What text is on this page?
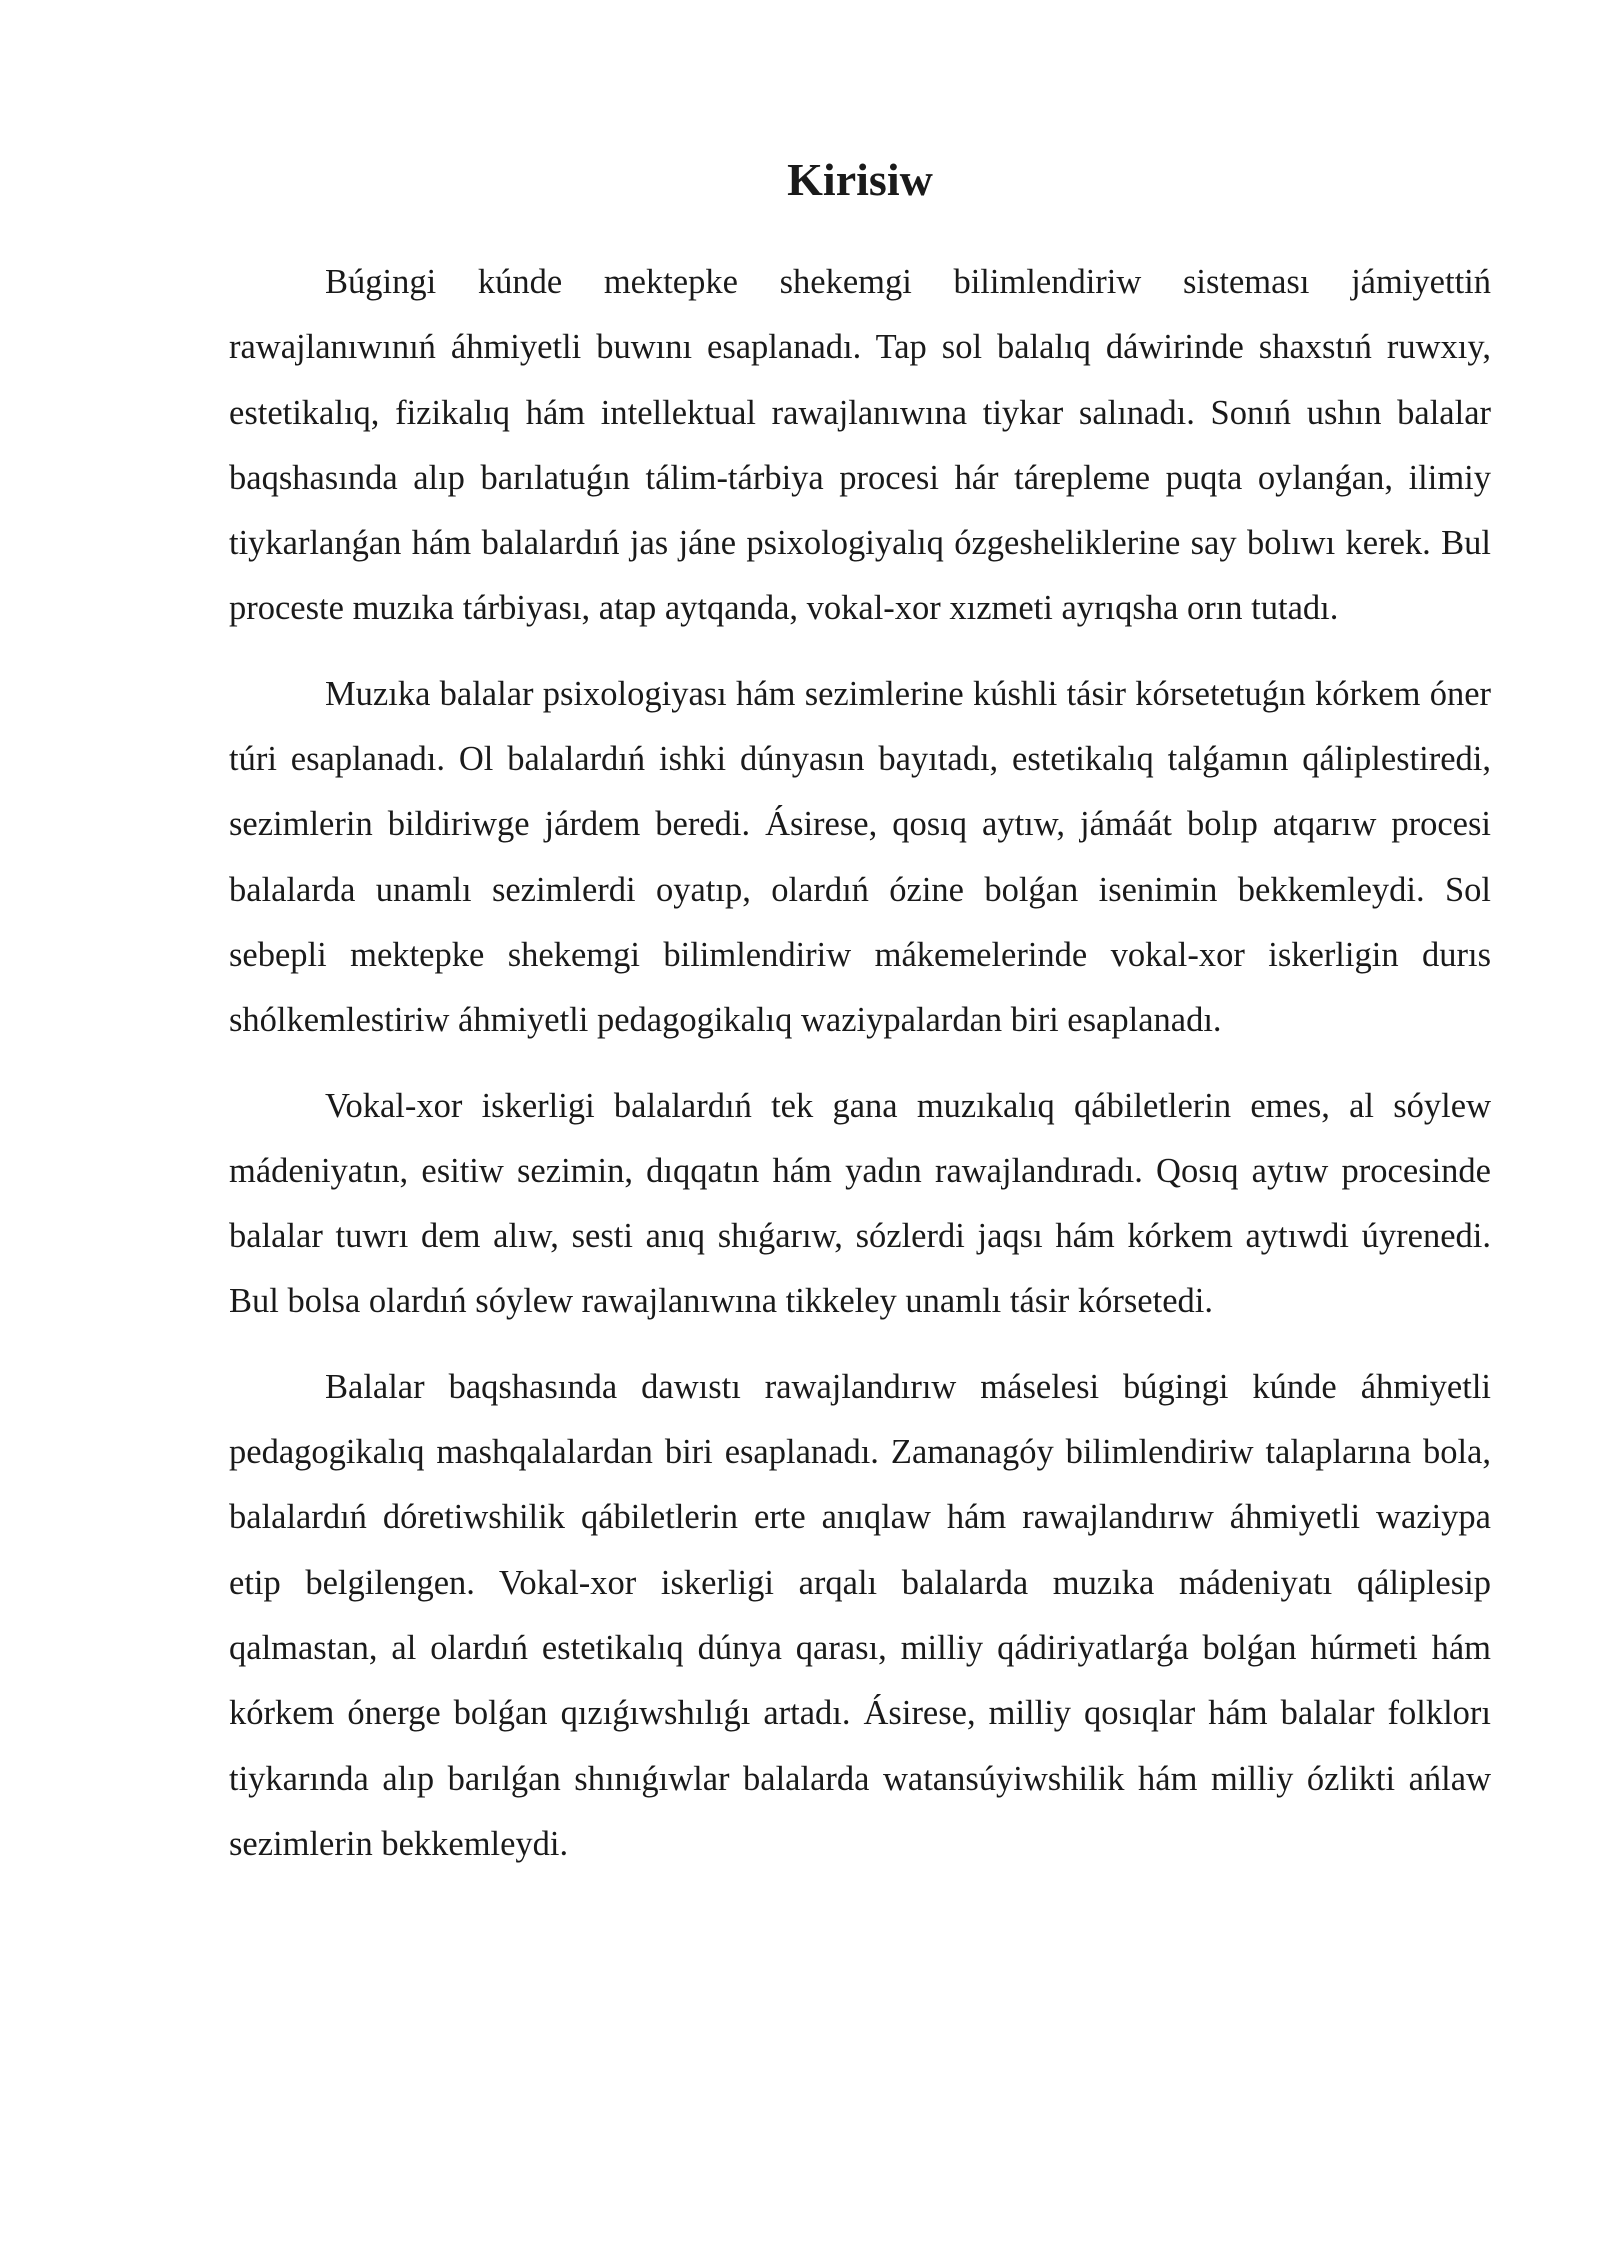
Kirisiw

Búgingi kúnde mektepke shekemgi bilimlendiriw sisteması jámiyettiń rawajlanıwınıń áhmiyetli buwını esaplanadı. Tap sol balalıq dáwirinde shaxstıń ruwxıy, estetikalıq, fizikalıq hám intellektual rawajlanıwına tiykar salınadı. Sonıń ushın balalar baqshasında alıp barılatuǵın tálim-tárbiya procesi hár tárepleme puqta oylanǵan, ilimiy tiykarlanǵan hám balalardıń jas jáne psixologiyalıq ózgesheliklerine say bolıwı kerek. Bul proceste muzıka tárbiyası, atap aytqanda, vokal-xor xızmeti ayrıqsha orın tutadı.

Muzıka balalar psixologiyası hám sezimlerine kúshli tásir kórsetetuǵın kórkem óner túri esaplanadı. Ol balalardıń ishki dúnyasın bayıtadı, estetikalıq talǵamın qáliplestiredi, sezimlerin bildiriwge járdem beredi. Ásirese, qosıq aytıw, jámáát bolıp atqarıw procesi balalarda unamlı sezimlerdi oyatıp, olardıń ózine bolǵan isenimin bekkemleydi. Sol sebepli mektepke shekemgi bilimlendiriw mákemelerinde vokal-xor iskerligin durıs shólkemlestiriw áhmiyetli pedagogikalıq waziypalardan biri esaplanadı.

Vokal-xor iskerligi balalardıń tek gana muzıkalıq qábiletlerin emes, al sóylew mádeniyatın, esitiw sezimin, dıqqatın hám yadın rawajlandıradı. Qosıq aytıw procesinde balalar tuwrı dem alıw, sesti anıq shıǵarıw, sózlerdi jaqsı hám kórkem aytıwdi úyrenedi. Bul bolsa olardıń sóylew rawajlanıwına tikkeley unamlı tásir kórsetedi.

Balalar baqshasında dawıstı rawajlandırıw máselesi búgingi kúnde áhmiyetli pedagogikalıq mashqalalardan biri esaplanadı. Zamanagóy bilimlendiriw talaplarına bola, balalardıń dóretiwshilik qábiletlerin erte anıqlaw hám rawajlandırıw áhmiyetli waziypa etip belgilengen. Vokal-xor iskerligi arqalı balalarda muzıka mádeniyatı qáliplesip qalmastan, al olardıń estetikalıq dúnya qarası, milliy qádiriyatlarǵa bolǵan húrmeti hám kórkem ónerge bolǵan qızıǵıwshılıǵı artadı. Ásirese, milliy qosıqlar hám balalar folklorı tiykarında alıp barılǵan shınıǵıwlar balalarda watansúyiwshilik hám milliy ózlikti ańlaw sezimlerin bekkemleydi.
